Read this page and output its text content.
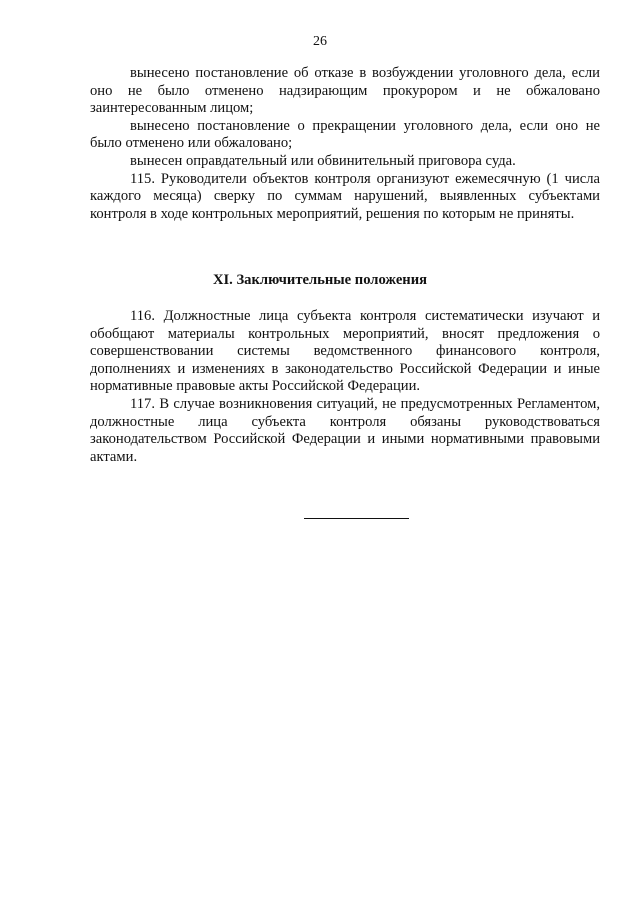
26

вынесено постановление об отказе в возбуждении уголовного дела, если оно не было отменено надзирающим прокурором и не обжаловано заинтересованным лицом;

вынесено постановление о прекращении уголовного дела, если оно не было отменено или обжаловано;

вынесен оправдательный или обвинительный приговора суда.

115. Руководители объектов контроля организуют ежемесячную (1 числа каждого месяца) сверку по суммам нарушений, выявленных субъектами контроля в ходе контрольных мероприятий, решения по которым не приняты.

XI. Заключительные положения

116. Должностные лица субъекта контроля систематически изучают и обобщают материалы контрольных мероприятий, вносят предложения о совершенствовании системы ведомственного финансового контроля, дополнениях и изменениях в законодательство Российской Федерации и иные нормативные правовые акты Российской Федерации.

117. В случае возникновения ситуаций, не предусмотренных Регламентом, должностные лица субъекта контроля обязаны руководствоваться законодательством Российской Федерации и иными нормативными правовыми актами.
